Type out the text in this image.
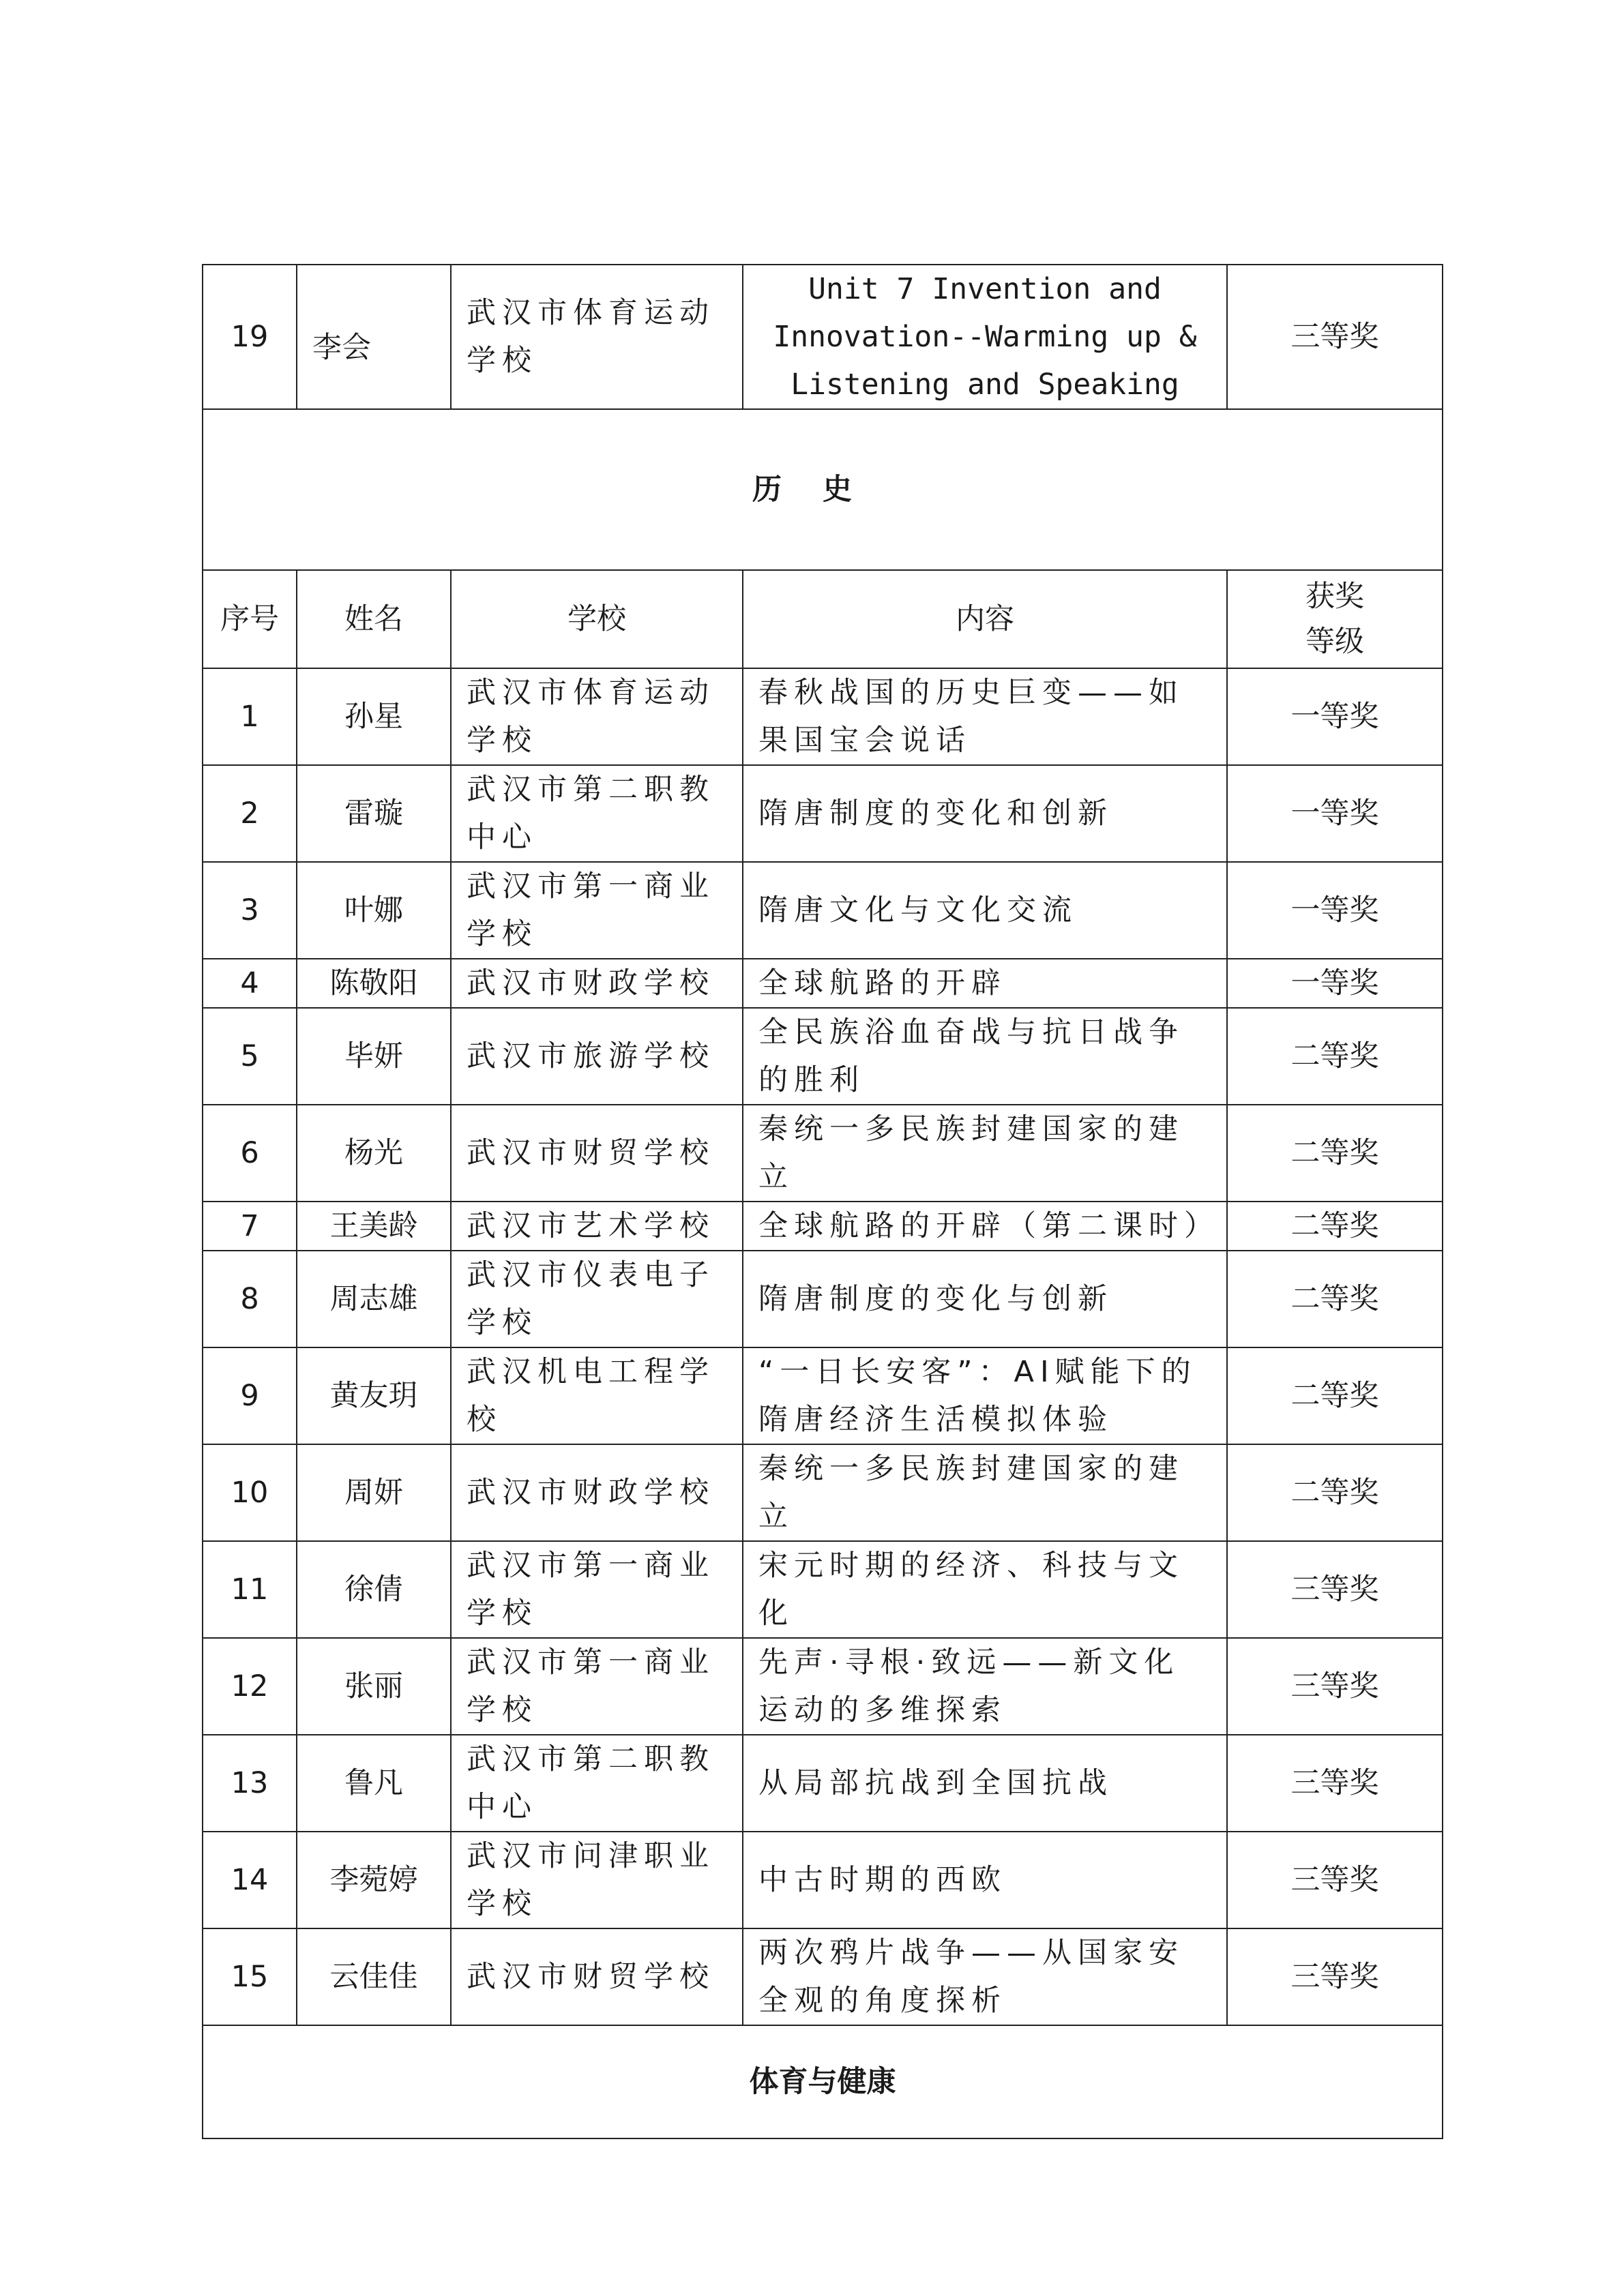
19	李会	武汉市体育运动学校	Unit 7 Invention and
Innovation--Warming up &
Listening and Speaking	三等奖
历史				
序号	姓名	学校	内容	获奖等级
1	孙星	武汉市体育运动学校	春秋战国的历史巨变——如果国宝会说话	一等奖
2	雷璇	武汉市第二职教中心	隋唐制度的变化和创新	一等奖
3	叶娜	武汉市第一商业学校	隋唐文化与文化交流	一等奖
4	陈敬阳	武汉市财政学校	全球航路的开辟	一等奖
5	毕妍	武汉市旅游学校	全民族浴血奋战与抗日战争的胜利	二等奖
6	杨光	武汉市财贸学校	秦统一多民族封建国家的建立	二等奖
7	王美龄	武汉市艺术学校	全球航路的开辟（第二课时）	二等奖
8	周志雄	武汉市仪表电子学校	隋唐制度的变化与创新	二等奖
9	黄友玥	武汉机电工程学校	“一日长安客”：AI赋能下的隋唐经济生活模拟体验	二等奖
10	周妍	武汉市财政学校	秦统一多民族封建国家的建立	二等奖
11	徐倩	武汉市第一商业学校	宋元时期的经济、科技与文化	三等奖
12	张丽	武汉市第一商业学校	先声·寻根·致远——新文化运动的多维探索	三等奖
13	鲁凡	武汉市第二职教中心	从局部抗战到全国抗战	三等奖
14	李菀婷	武汉市问津职业学校	中古时期的西欧	三等奖
15	云佳佳	武汉市财贸学校	两次鸦片战争——从国家安全观的角度探析	三等奖
体育与健康				
